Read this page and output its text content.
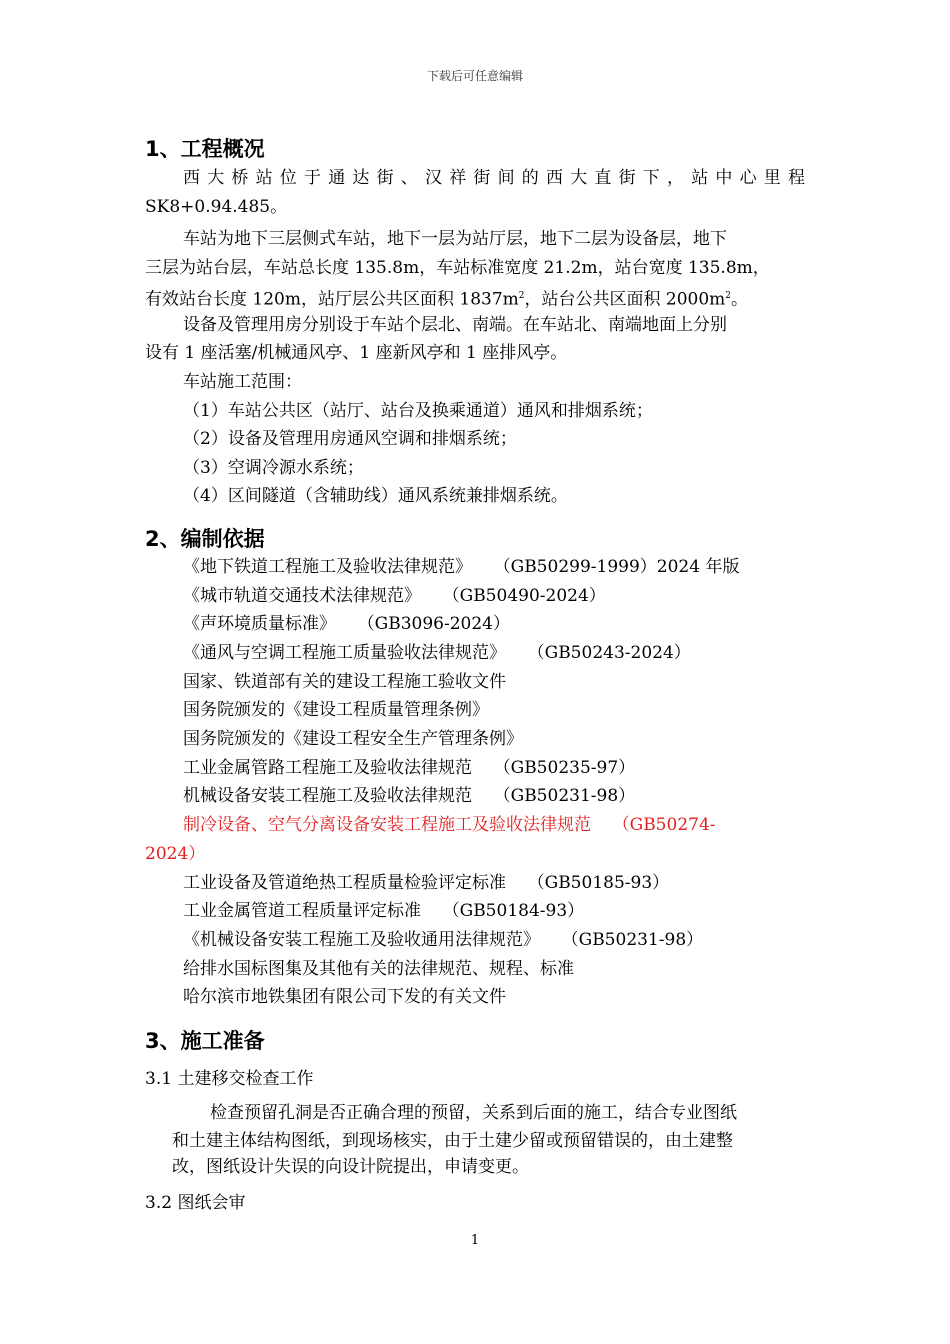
下载后可任意编辑
1、工程概况
西大桥站位于通达街、汉祥街间的西大直街下，站中心里程
SK8+0.94.485。
车站为地下三层侧式车站，地下一层为站厅层，地下二层为设备层，地下
三层为站台层，车站总长度 135.8m，车站标准宽度 21.2m，站台宽度 135.8m，
有效站台长度 120m，站厅层公共区面积 $1837m^2$，站台公共区面积 $2000m^2$。
设备及管理用房分别设于车站个层北、南端。在车站北、南端地面上分别
设有 1 座活塞/机械通风亭、1 座新风亭和 1 座排风亭。
车站施工范围：
（1）车站公共区（站厅、站台及换乘通道）通风和排烟系统；
（2）设备及管理用房通风空调和排烟系统；
（3）空调冷源水系统；
（4）区间隧道（含辅助线）通风系统兼排烟系统。
2、编制依据
《地下铁道工程施工及验收法律规范》    （GB50299-1999）2024 年版
《城市轨道交通技术法律规范》    （GB50490-2024）
《声环境质量标准》    （GB3096-2024）
《通风与空调工程施工质量验收法律规范》    （GB50243-2024）
国家、铁道部有关的建设工程施工验收文件
国务院颁发的《建设工程质量管理条例》
国务院颁发的《建设工程安全生产管理条例》
工业金属管路工程施工及验收法律规范    （GB50235-97）
机械设备安装工程施工及验收法律规范    （GB50231-98）
制冷设备、空气分离设备安装工程施工及验收法律规范    （GB50274-
2024）
工业设备及管道绝热工程质量检验评定标准    （GB50185-93）
工业金属管道工程质量评定标准    （GB50184-93）
《机械设备安装工程施工及验收通用法律规范》    （GB50231-98）
给排水国标图集及其他有关的法律规范、规程、标准
哈尔滨市地铁集团有限公司下发的有关文件
3、施工准备
3.1 土建移交检查工作
检查预留孔洞是否正确合理的预留，关系到后面的施工，结合专业图纸
和土建主体结构图纸，到现场核实，由于土建少留或预留错误的，由土建整
改，图纸设计失误的向设计院提出，申请变更。
3.2 图纸会审
1
